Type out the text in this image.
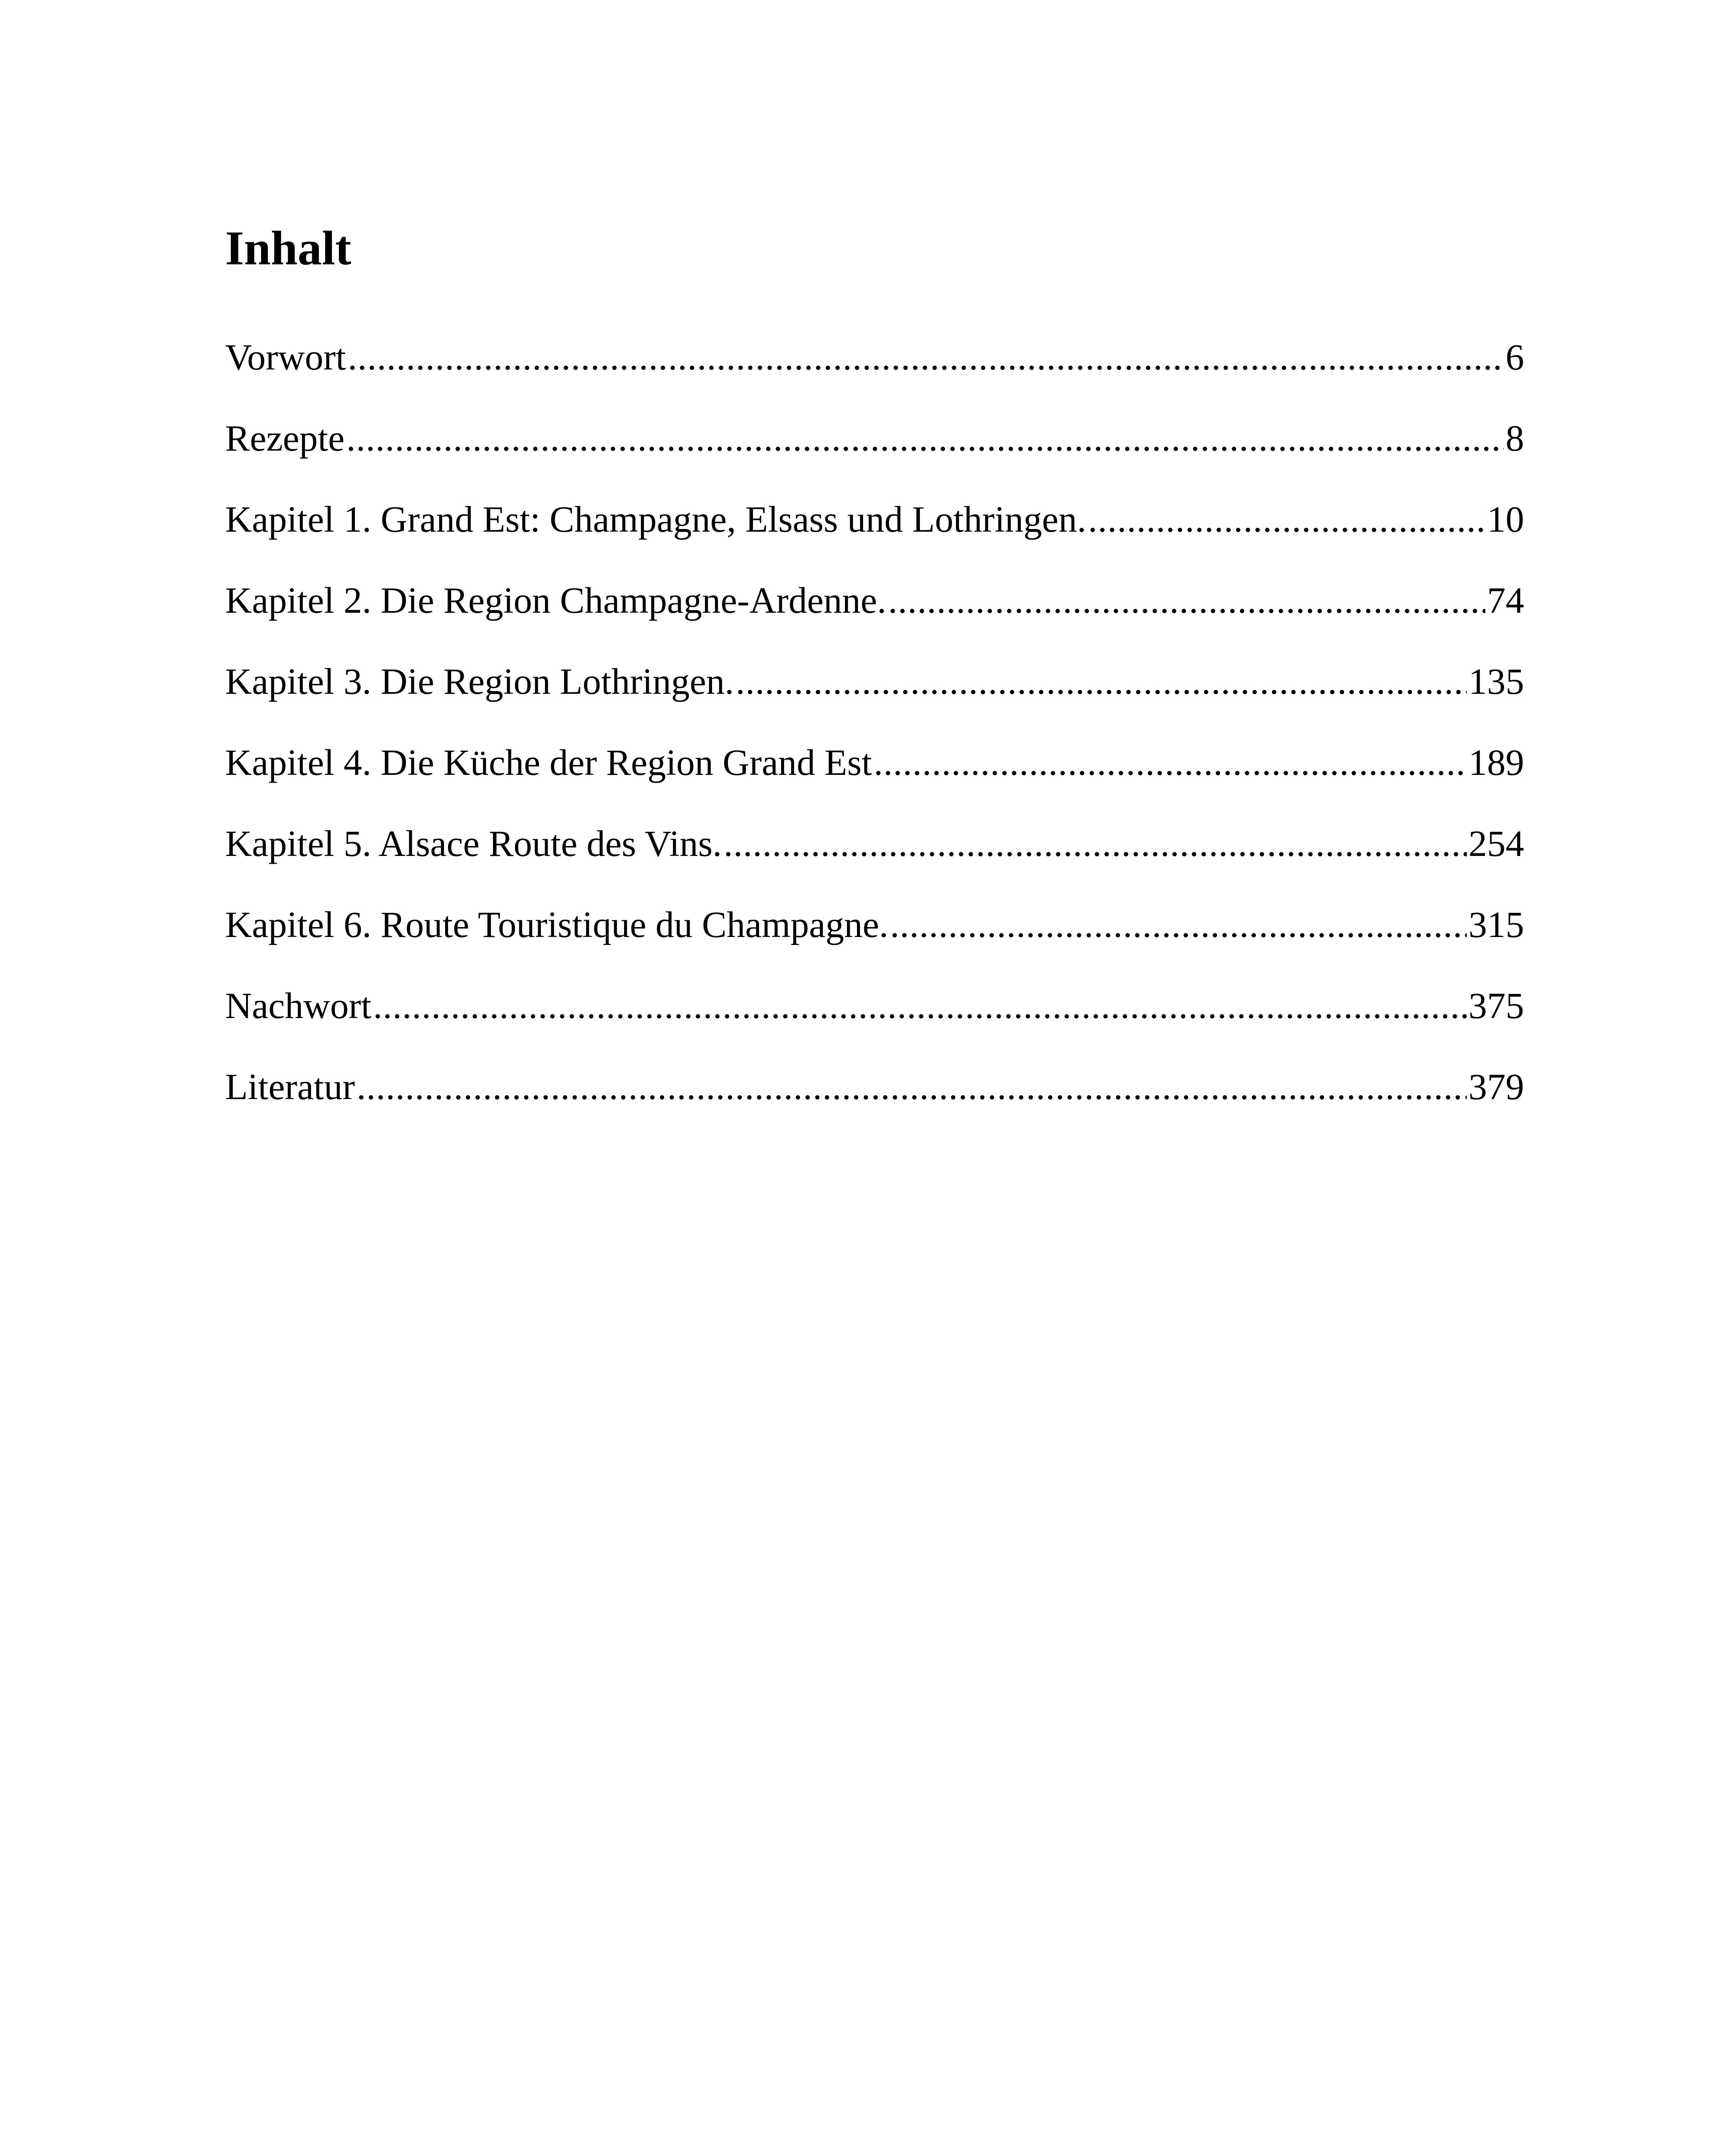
Inhalt
Vorwort .....	6
Rezepte .....	8
Kapitel 1. Grand Est: Champagne, Elsass und Lothringen. .....	10
Kapitel 2. Die Region Champagne-Ardenne. .....	74
Kapitel 3. Die Region Lothringen. .....	135
Kapitel 4. Die Küche der Region Grand Est .....	189
Kapitel 5. Alsace Route des Vins. .....	254
Kapitel 6. Route Touristique du Champagne. .....	315
Nachwort .....	375
Literatur .....	379
